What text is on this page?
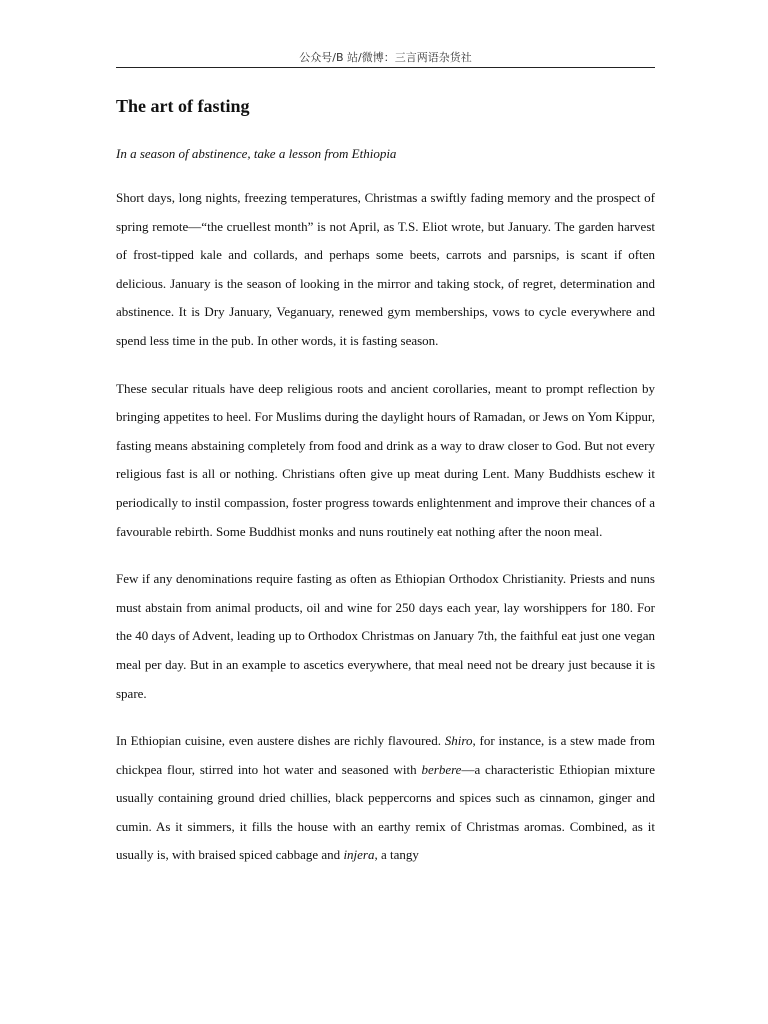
公众号/B 站/微博：三言两语杂货社
The art of fasting
In a season of abstinence, take a lesson from Ethiopia

Short days, long nights, freezing temperatures, Christmas a swiftly fading memory and the prospect of spring remote—“the cruellest month” is not April, as T.S. Eliot wrote, but January. The garden harvest of frost-tipped kale and collards, and perhaps some beets, carrots and parsnips, is scant if often delicious. January is the season of looking in the mirror and taking stock, of regret, determination and abstinence. It is Dry January, Veganuary, renewed gym memberships, vows to cycle everywhere and spend less time in the pub. In other words, it is fasting season.

These secular rituals have deep religious roots and ancient corollaries, meant to prompt reflection by bringing appetites to heel. For Muslims during the daylight hours of Ramadan, or Jews on Yom Kippur, fasting means abstaining completely from food and drink as a way to draw closer to God. But not every religious fast is all or nothing. Christians often give up meat during Lent. Many Buddhists eschew it periodically to instil compassion, foster progress towards enlightenment and improve their chances of a favourable rebirth. Some Buddhist monks and nuns routinely eat nothing after the noon meal.

Few if any denominations require fasting as often as Ethiopian Orthodox Christianity. Priests and nuns must abstain from animal products, oil and wine for 250 days each year, lay worshippers for 180. For the 40 days of Advent, leading up to Orthodox Christmas on January 7th, the faithful eat just one vegan meal per day. But in an example to ascetics everywhere, that meal need not be dreary just because it is spare.

In Ethiopian cuisine, even austere dishes are richly flavoured. Shiro, for instance, is a stew made from chickpea flour, stirred into hot water and seasoned with berbere—a characteristic Ethiopian mixture usually containing ground dried chillies, black peppercorns and spices such as cinnamon, ginger and cumin. As it simmers, it fills the house with an earthy remix of Christmas aromas. Combined, as it usually is, with braised spiced cabbage and injera, a tangy
